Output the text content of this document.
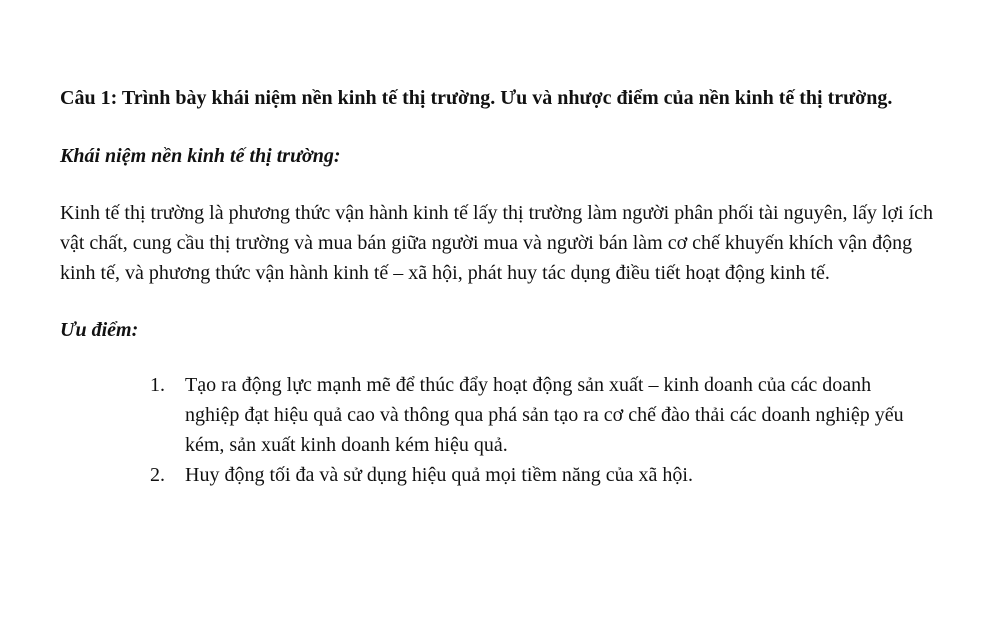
Câu 1: Trình bày khái niệm nền kinh tế thị trường. Ưu và nhược điểm của nền kinh tế thị trường.

Khái niệm nền kinh tế thị trường:

Kinh tế thị trường là phương thức vận hành kinh tế lấy thị trường làm người phân phối tài nguyên, lấy lợi ích vật chất, cung cầu thị trường và mua bán giữa người mua và người bán làm cơ chế khuyến khích vận động kinh tế, và phương thức vận hành kinh tế – xã hội, phát huy tác dụng điều tiết hoạt động kinh tế.

Ưu điểm:

1. Tạo ra động lực mạnh mẽ để thúc đẩy hoạt động sản xuất – kinh doanh của các doanh nghiệp đạt hiệu quả cao và thông qua phá sản tạo ra cơ chế đào thải các doanh nghiệp yếu kém, sản xuất kinh doanh kém hiệu quả.
2. Huy động tối đa và sử dụng hiệu quả mọi tiềm năng của xã hội.
